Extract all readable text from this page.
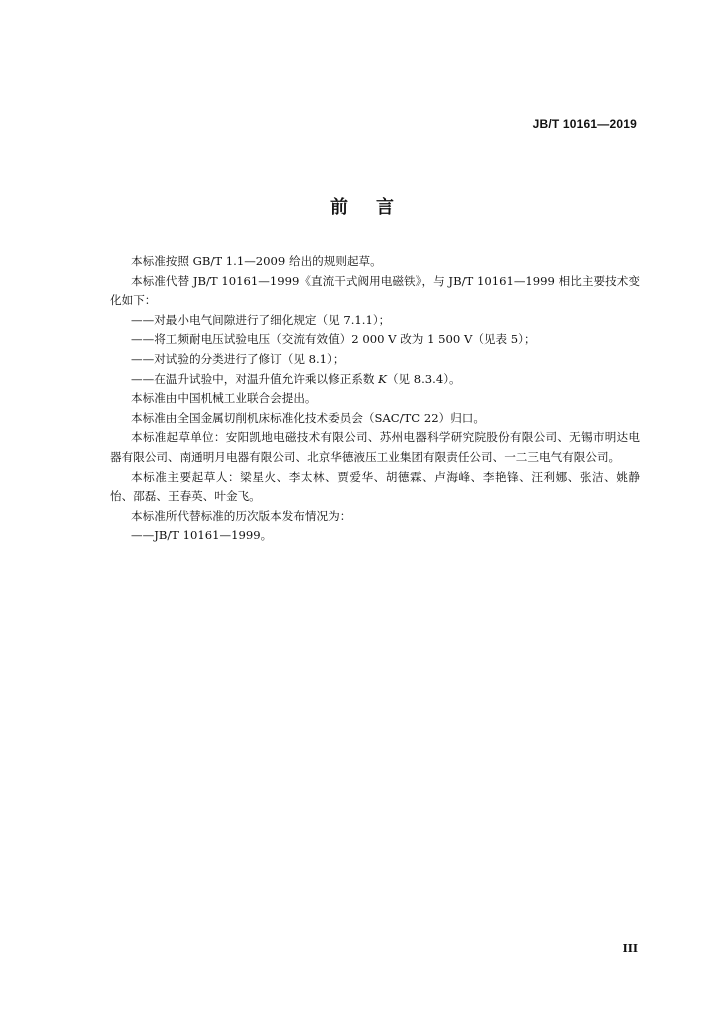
JB/T 10161—2019
前言

本标准按照 GB/T 1.1—2009 给出的规则起草。

本标准代替 JB/T 10161—1999《直流干式阀用电磁铁》，与 JB/T 10161—1999 相比主要技术变化如下：

——对最小电气间隙进行了细化规定（见 7.1.1）；

——将工频耐电压试验电压（交流有效值）2 000 V 改为 1 500 V（见表 5）；

——对试验的分类进行了修订（见 8.1）；

——在温升试验中，对温升值允许乘以修正系数 K（见 8.3.4）。

本标准由中国机械工业联合会提出。

本标准由全国金属切削机床标准化技术委员会（SAC/TC 22）归口。

本标准起草单位：安阳凯地电磁技术有限公司、苏州电器科学研究院股份有限公司、无锡市明达电器有限公司、南通明月电器有限公司、北京华德液压工业集团有限责任公司、一二三电气有限公司。

本标准主要起草人：梁星火、李太林、贾爱华、胡德霖、卢海峰、李艳锋、汪利娜、张洁、姚静怡、邵磊、王春英、叶金飞。

本标准所代替标准的历次版本发布情况为：

——JB/T 10161—1999。

III
